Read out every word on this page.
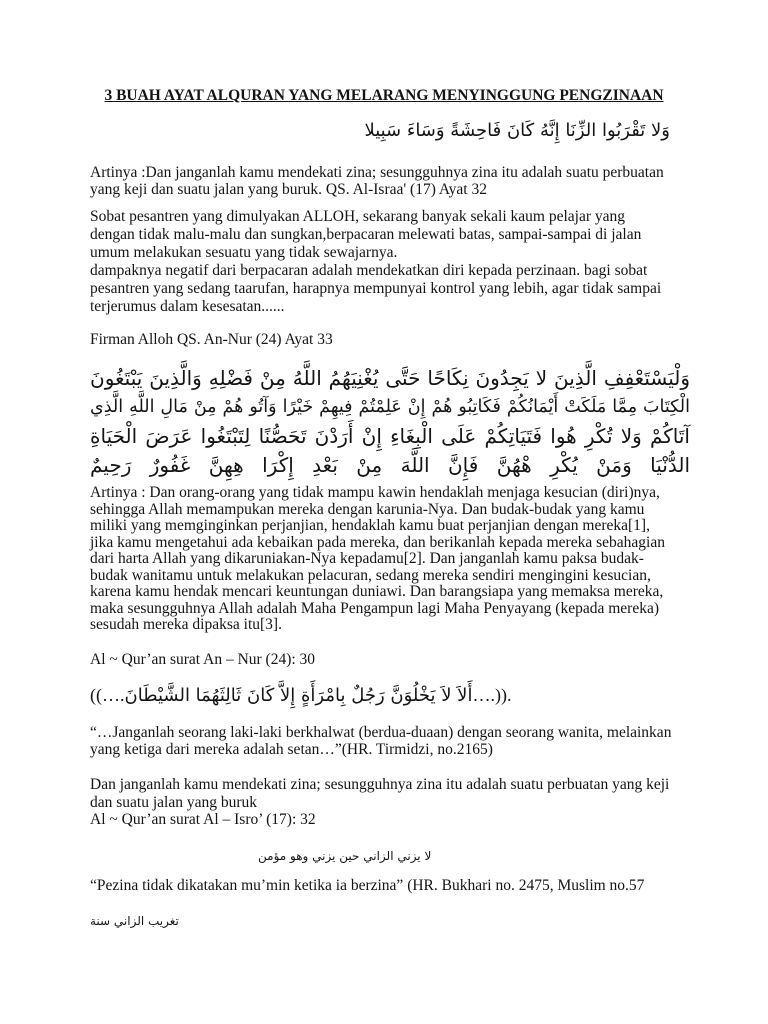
3 BUAH AYAT ALQURAN YANG MELARANG MENYINGGUNG PENGZINAAN
وَلا تَقْرَبُوا الزِّنَا إِنَّهُ كَانَ فَاحِشَةً وَسَاءَ سَبِيلا
Artinya :Dan janganlah kamu mendekati zina; sesungguhnya zina itu adalah suatu perbuatan
yang keji dan suatu jalan yang buruk. QS. Al-Israa' (17) Ayat 32
Sobat pesantren yang dimulyakan ALLOH, sekarang banyak sekali kaum pelajar yang
dengan tidak malu-malu dan sungkan,berpacaran melewati batas, sampai-sampai di jalan
umum melakukan sesuatu yang tidak sewajarnya.
dampaknya negatif dari berpacaran adalah mendekatkan diri kepada perzinaan. bagi sobat
pesantren yang sedang taarufan, harapnya mempunyai kontrol yang lebih, agar tidak sampai
terjerumus dalam kesesatan......
Firman Alloh QS. An-Nur (24) Ayat 33
وَلْيَسْتَعْفِفِ الَّذِينَ لا يَجِدُونَ نِكَاحًا حَتَّى يُغْنِيَهُمُ اللَّهُ مِنْ فَضْلِهِ وَالَّذِينَ يَبْتَغُونَ
الْكِتَابَ مِمَّا مَلَكَتْ أَيْمَانُكُمْ فَكَاتِبُو هُمْ إِنْ عَلِمْتُمْ فِيهِمْ خَيْرًا وَآتُو هُمْ مِنْ مَالِ اللَّهِ الَّذِي
آتَاكُمْ وَلا تُكْرِ هُوا فَتَيَاتِكُمْ عَلَى الْبِغَاءِ إِنْ أَرَدْنَ تَحَصُّنًا لِتَبْتَغُوا عَرَضَ الْحَيَاةِ
الدُّنْيَا وَمَنْ يُكْرِ هْهُنَّ فَإِنَّ اللَّهَ مِنْ بَعْدِ إِكْرَا هِهِنَّ غَفُورٌ رَحِيمٌ
Artinya : Dan orang-orang yang tidak mampu kawin hendaklah menjaga kesucian (diri)nya,
sehingga Allah memampukan mereka dengan karunia-Nya. Dan budak-budak yang kamu
miliki yang memginginkan perjanjian, hendaklah kamu buat perjanjian dengan mereka[1],
jika kamu mengetahui ada kebaikan pada mereka, dan berikanlah kepada mereka sebahagian
dari harta Allah yang dikaruniakan-Nya kepadamu[2]. Dan janganlah kamu paksa budak-
budak wanitamu untuk melakukan pelacuran, sedang mereka sendiri mengingini kesucian,
karena kamu hendak mencari keuntungan duniawi. Dan barangsiapa yang memaksa mereka,
maka sesungguhnya Allah adalah Maha Pengampun lagi Maha Penyayang (kepada mereka)
sesudah mereka dipaksa itu[3].
Al ~ Qur’an surat An – Nur (24): 30
((….أَلاَ لاَ يَخْلُوَنَّ رَجُلٌ بِامْرَأَةٍ إِلاَّ كَانَ ثَالِثَهُمَا الشَّيْطَانَ….)).
“…Janganlah seorang laki-laki berkhalwat (berdua-duaan) dengan seorang wanita, melainkan
yang ketiga dari mereka adalah setan…”(HR. Tirmidzi, no.2165)
Dan janganlah kamu mendekati zina; sesungguhnya zina itu adalah suatu perbuatan yang keji
dan suatu jalan yang buruk
Al ~ Qur’an surat Al – Isro’ (17): 32
لا يزني الزاني حين يزني وهو مؤمن
“Pezina tidak dikatakan mu’min ketika ia berzina” (HR. Bukhari no. 2475, Muslim no.57
تغريب الزاني سنة
